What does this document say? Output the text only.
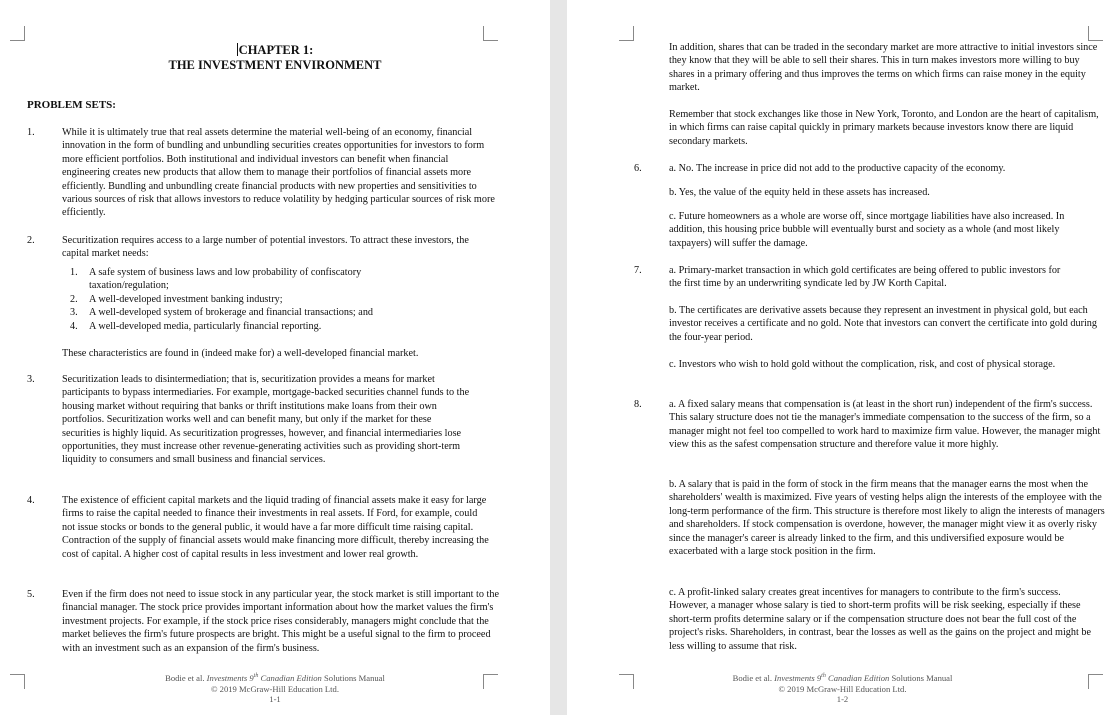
CHAPTER 1:
THE INVESTMENT ENVIRONMENT
PROBLEM SETS:
1.	While it is ultimately true that real assets determine the material well-being of an economy, financial innovation in the form of bundling and unbundling securities creates opportunities for investors to form more efficient portfolios. Both institutional and individual investors can benefit when financial engineering creates new products that allow them to manage their portfolios of financial assets more efficiently. Bundling and unbundling create financial products with new properties and sensitivities to various sources of risk that allows investors to reduce volatility by hedging particular sources of risk more efficiently.
2.	Securitization requires access to a large number of potential investors. To attract these investors, the capital market needs:
1.	A safe system of business laws and low probability of confiscatory
taxation/regulation;
2.	A well-developed investment banking industry;
3.	A well-developed system of brokerage and financial transactions; and
4.	A well-developed media, particularly financial reporting.
These characteristics are found in (indeed make for) a well-developed financial market.
3.	Securitization leads to disintermediation; that is, securitization provides a means for market participants to bypass intermediaries. For example, mortgage-backed securities channel funds to the housing market without requiring that banks or thrift institutions make loans from their own portfolios. Securitization works well and can benefit many, but only if the market for these securities is highly liquid. As securitization progresses, however, and financial intermediaries lose opportunities, they must increase other revenue-generating activities such as providing short-term liquidity to consumers and small business and financial services.
4.	The existence of efficient capital markets and the liquid trading of financial assets make it easy for large firms to raise the capital needed to finance their investments in real assets. If Ford, for example, could not issue stocks or bonds to the general public, it would have a far more difficult time raising capital. Contraction of the supply of financial assets would make financing more difficult, thereby increasing the cost of capital. A higher cost of capital results in less investment and lower real growth.
5.	Even if the firm does not need to issue stock in any particular year, the stock market is still important to the financial manager. The stock price provides important information about how the market values the firm's investment projects. For example, if the stock price rises considerably, managers might conclude that the market believes the firm's future prospects are bright. This might be a useful signal to the firm to proceed with an investment such as an expansion of the firm's business.
Bodie et al. Investments 9th Canadian Edition Solutions Manual
© 2019 McGraw-Hill Education Ltd.
1-1
In addition, shares that can be traded in the secondary market are more attractive to initial investors since they know that they will be able to sell their shares. This in turn makes investors more willing to buy shares in a primary offering and thus improves the terms on which firms can raise money in the equity market.
Remember that stock exchanges like those in New York, Toronto, and London are the heart of capitalism, in which firms can raise capital quickly in primary markets because investors know there are liquid secondary markets.
6.	a. No. The increase in price did not add to the productive capacity of the economy.
b. Yes, the value of the equity held in these assets has increased.
c. Future homeowners as a whole are worse off, since mortgage liabilities have also increased. In addition, this housing price bubble will eventually burst and society as a whole (and most likely taxpayers) will suffer the damage.
7.	a. Primary-market transaction in which gold certificates are being offered to public investors for the first time by an underwriting syndicate led by JW Korth Capital.
b. The certificates are derivative assets because they represent an investment in physical gold, but each investor receives a certificate and no gold. Note that investors can convert the certificate into gold during the four-year period.
c. Investors who wish to hold gold without the complication, risk, and cost of physical storage.
8.	a. A fixed salary means that compensation is (at least in the short run) independent of the firm's success. This salary structure does not tie the manager's immediate compensation to the success of the firm, so a manager might not feel too compelled to work hard to maximize firm value. However, the manager might view this as the safest compensation structure and therefore value it more highly.
b. A salary that is paid in the form of stock in the firm means that the manager earns the most when the shareholders' wealth is maximized. Five years of vesting helps align the interests of the employee with the long-term performance of the firm. This structure is therefore most likely to align the interests of managers and shareholders. If stock compensation is overdone, however, the manager might view it as overly risky since the manager's career is already linked to the firm, and this undiversified exposure would be exacerbated with a large stock position in the firm.
c. A profit-linked salary creates great incentives for managers to contribute to the firm's success. However, a manager whose salary is tied to short-term profits will be risk seeking, especially if these short-term profits determine salary or if the compensation structure does not bear the full cost of the project's risks. Shareholders, in contrast, bear the losses as well as the gains on the project and might be less willing to assume that risk.
Bodie et al. Investments 9th Canadian Edition Solutions Manual
© 2019 McGraw-Hill Education Ltd.
1-2
